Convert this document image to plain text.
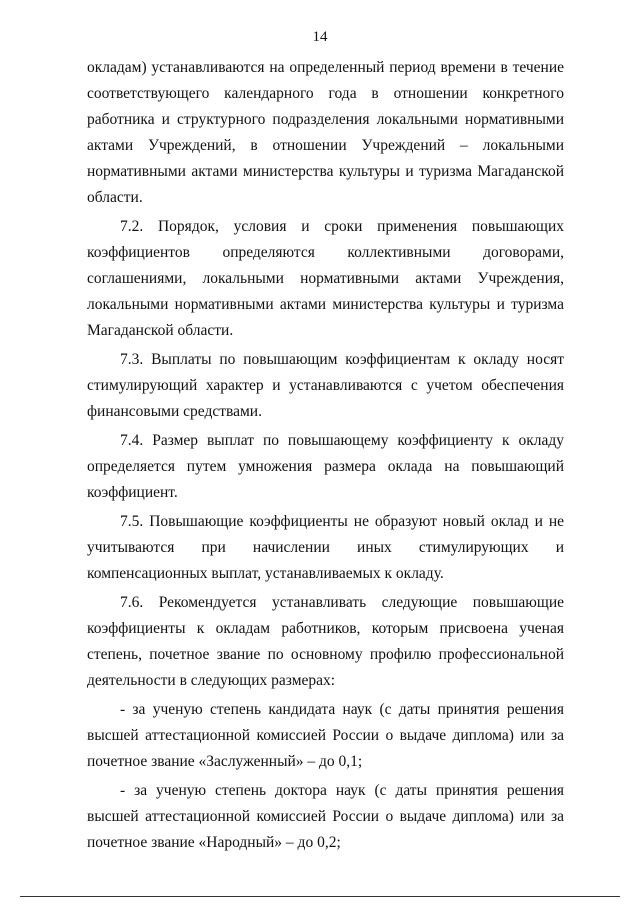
14

окладам) устанавливаются на определенный период времени в течение соответствующего календарного года в отношении конкретного работника и структурного подразделения локальными нормативными актами Учреждений, в отношении Учреждений – локальными нормативными актами министерства культуры и туризма Магаданской области.

7.2. Порядок, условия и сроки применения повышающих коэффициентов определяются коллективными договорами, соглашениями, локальными нормативными актами Учреждения, локальными нормативными актами министерства культуры и туризма Магаданской области.

7.3. Выплаты по повышающим коэффициентам к окладу носят стимулирующий характер и устанавливаются с учетом обеспечения финансовыми средствами.

7.4. Размер выплат по повышающему коэффициенту к окладу определяется путем умножения размера оклада на повышающий коэффициент.

7.5. Повышающие коэффициенты не образуют новый оклад и не учитываются при начислении иных стимулирующих и компенсационных выплат, устанавливаемых к окладу.

7.6. Рекомендуется устанавливать следующие повышающие коэффициенты к окладам работников, которым присвоена ученая степень, почетное звание по основному профилю профессиональной деятельности в следующих размерах:

- за ученую степень кандидата наук (с даты принятия решения высшей аттестационной комиссией России о выдаче диплома) или за почетное звание «Заслуженный» – до 0,1;

- за ученую степень доктора наук (с даты принятия решения высшей аттестационной комиссией России о выдаче диплома) или за почетное звание «Народный» – до 0,2;
